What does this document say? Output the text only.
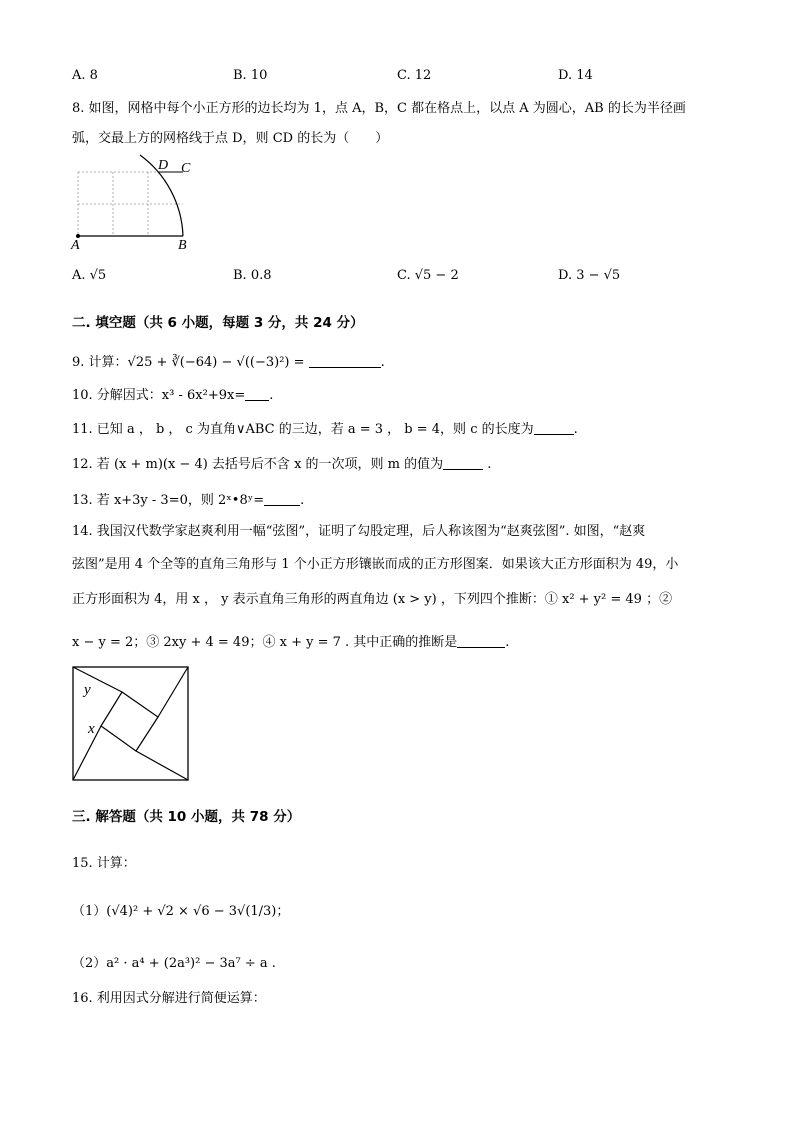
A. 8	B. 10	C. 12	D. 14
8. 如图，网格中每个小正方形的边长均为 1，点 A，B，C 都在格点上，以点 A 为圆心，AB 的长为半径画
弧，交最上方的网格线于点 D，则 CD 的长为（　　）
A	B
D C
A. √5	B. 0.8	C. √5 − 2	D. 3 − √5
二. 填空题（共 6 小题，每题 3 分，共 24 分）
9. 计算：√25 + ∛(−64) − √((−3)²) =	.
10. 分解因式：x³ - 6x²+9x= .
11. 已知 a ， b ， c 为直角∨ABC 的三边，若 a = 3 ， b = 4，则 c 的长度为	.
12. 若 (x + m)(x − 4) 去括号后不含 x 的一次项，则 m 的值为	.
13. 若 x+3y - 3=0，则 2ˣ•8ʸ=	.
14. 我国汉代数学家赵爽利用一幅“弦图”，证明了勾股定理，后人称该图为“赵爽弦图”. 如图，“赵爽
弦图”是用 4 个全等的直角三角形与 1 个小正方形镶嵌而成的正方形图案．如果该大正方形面积为 49，小
正方形面积为 4，用 x ， y 表示直角三角形的两直角边 (x > y) ，下列四个推断：① x² + y² = 49 ；②
x − y = 2；③ 2xy + 4 = 49；④ x + y = 7 . 其中正确的推断是	.
y
x
三. 解答题（共 10 小题，共 78 分）
15. 计算：
（1）(√4)² + √2 × √6 − 3√(1/3)；
（2）a² · a⁴ + (2a³)² − 3a⁷ ÷ a .
16. 利用因式分解进行简便运算：
